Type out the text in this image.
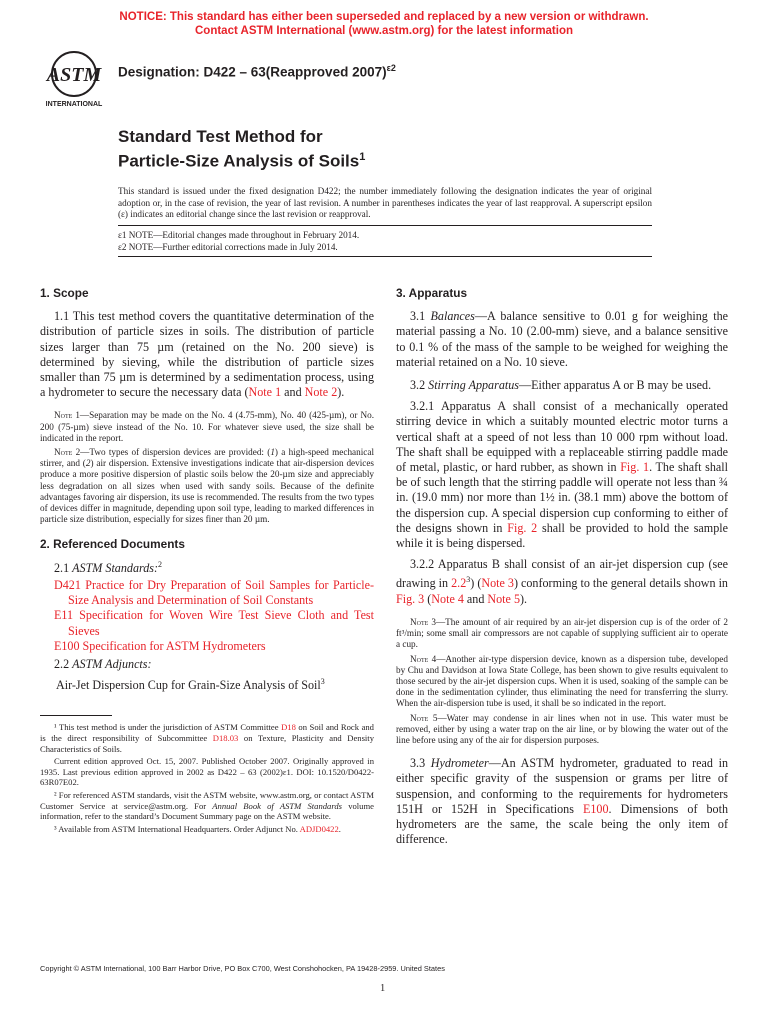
NOTICE: This standard has either been superseded and replaced by a new version or withdrawn.
Contact ASTM International (www.astm.org) for the latest information
ASTM
INTERNATIONAL
Designation: D422 – 63(Reapproved 2007)$^{\varepsilon 2}$
Standard Test Method for
Particle-Size Analysis of Soils$^1$
This standard is issued under the fixed designation D422; the number immediately following the designation indicates the year of original adoption or, in the case of revision, the year of last revision. A number in parentheses indicates the year of last reapproval. A superscript epsilon (ε) indicates an editorial change since the last revision or reapproval.
ε1 NOTE—Editorial changes made throughout in February 2014.
ε2 NOTE—Further editorial corrections made in July 2014.

1. Scope

1.1 This test method covers the quantitative determination of the distribution of particle sizes in soils. The distribution of particle sizes larger than 75 µm (retained on the No. 200 sieve) is determined by sieving, while the distribution of particle sizes smaller than 75 µm is determined by a sedimentation process, using a hydrometer to secure the necessary data (Note 1 and Note 2).

Note 1—Separation may be made on the No. 4 (4.75-mm), No. 40 (425-µm), or No. 200 (75-µm) sieve instead of the No. 10. For whatever sieve used, the size shall be indicated in the report.

Note 2—Two types of dispersion devices are provided: (1) a high-speed mechanical stirrer, and (2) air dispersion. Extensive investigations indicate that air-dispersion devices produce a more positive dispersion of plastic soils below the 20-µm size and appreciably less degradation on all sizes when used with sandy soils. Because of the definite advantages favoring air dispersion, its use is recommended. The results from the two types of devices differ in magnitude, depending upon soil type, leading to marked differences in particle size distribution, especially for sizes finer than 20 µm.

2. Referenced Documents

2.1 ASTM Standards:$^2$

D421 Practice for Dry Preparation of Soil Samples for Particle-Size Analysis and Determination of Soil Constants

E11 Specification for Woven Wire Test Sieve Cloth and Test Sieves

E100 Specification for ASTM Hydrometers

2.2 ASTM Adjuncts:

Air-Jet Dispersion Cup for Grain-Size Analysis of Soil$^3$

¹ This test method is under the jurisdiction of ASTM Committee D18 on Soil and Rock and is the direct responsibility of Subcommittee D18.03 on Texture, Plasticity and Density Characteristics of Soils.

Current edition approved Oct. 15, 2007. Published October 2007. Originally approved in 1935. Last previous edition approved in 2002 as D422 – 63 (2002)ε1. DOI: 10.1520/D0422-63R07E02.

² For referenced ASTM standards, visit the ASTM website, www.astm.org, or contact ASTM Customer Service at service@astm.org. For Annual Book of ASTM Standards volume information, refer to the standard’s Document Summary page on the ASTM website.

³ Available from ASTM International Headquarters. Order Adjunct No. ADJD0422.

3. Apparatus

3.1 Balances—A balance sensitive to 0.01 g for weighing the material passing a No. 10 (2.00-mm) sieve, and a balance sensitive to 0.1 % of the mass of the sample to be weighed for weighing the material retained on a No. 10 sieve.

3.2 Stirring Apparatus—Either apparatus A or B may be used.

3.2.1 Apparatus A shall consist of a mechanically operated stirring device in which a suitably mounted electric motor turns a vertical shaft at a speed of not less than 10 000 rpm without load. The shaft shall be equipped with a replaceable stirring paddle made of metal, plastic, or hard rubber, as shown in Fig. 1. The shaft shall be of such length that the stirring paddle will operate not less than ¾ in. (19.0 mm) nor more than 1½ in. (38.1 mm) above the bottom of the dispersion cup. A special dispersion cup conforming to either of the designs shown in Fig. 2 shall be provided to hold the sample while it is being dispersed.

3.2.2 Apparatus B shall consist of an air-jet dispersion cup (see drawing in $2.2^3$) (Note 3) conforming to the general details shown in Fig. 3 (Note 4 and Note 5).

Note 3—The amount of air required by an air-jet dispersion cup is of the order of 2 ft³/min; some small air compressors are not capable of supplying sufficient air to operate a cup.

Note 4—Another air-type dispersion device, known as a dispersion tube, developed by Chu and Davidson at Iowa State College, has been shown to give results equivalent to those secured by the air-jet dispersion cups. When it is used, soaking of the sample can be done in the sedimentation cylinder, thus eliminating the need for transferring the slurry. When the air-dispersion tube is used, it shall be so indicated in the report.

Note 5—Water may condense in air lines when not in use. This water must be removed, either by using a water trap on the air line, or by blowing the water out of the line before using any of the air for dispersion purposes.

3.3 Hydrometer—An ASTM hydrometer, graduated to read in either specific gravity of the suspension or grams per litre of suspension, and conforming to the requirements for hydrometers 151H or 152H in Specifications E100. Dimensions of both hydrometers are the same, the scale being the only item of difference.

Copyright © ASTM International, 100 Barr Harbor Drive, PO Box C700, West Conshohocken, PA 19428-2959. United States
1
